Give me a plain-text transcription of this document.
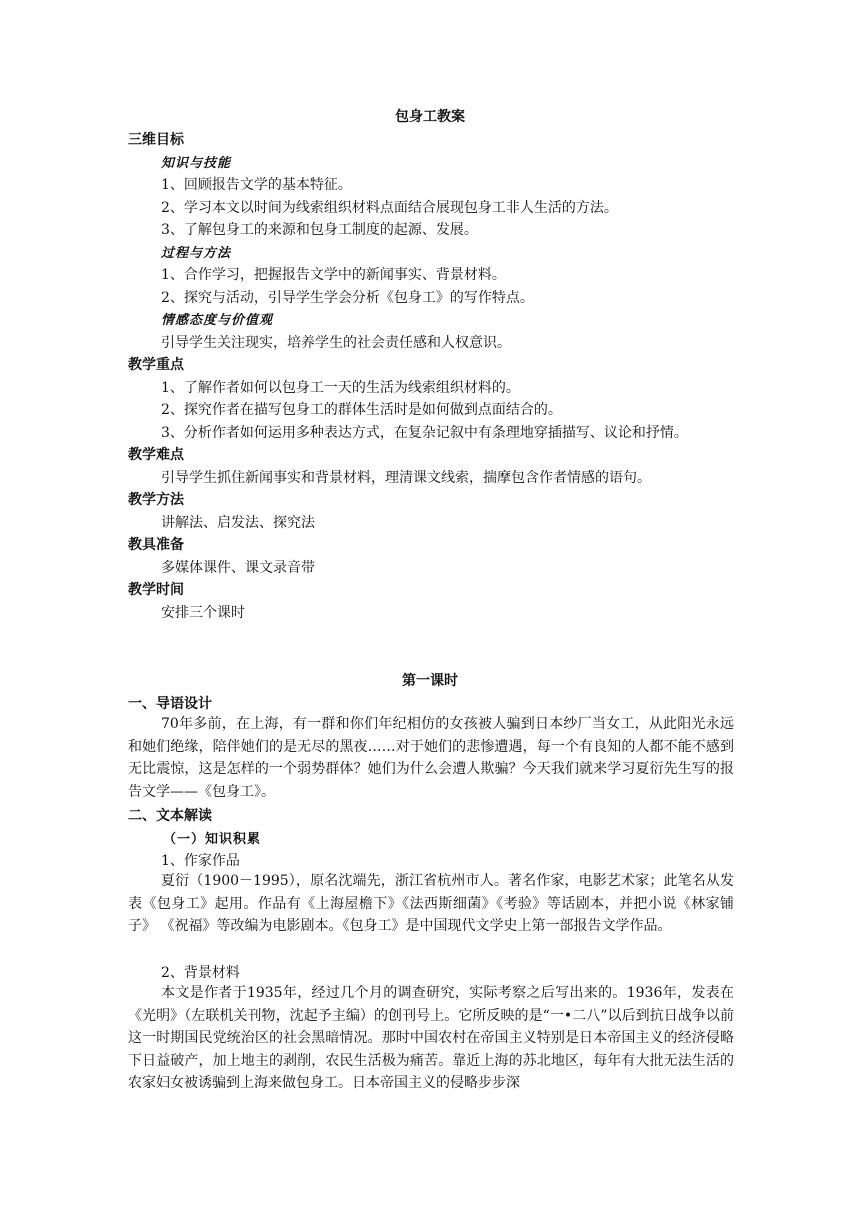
包身工教案
三维目标
知识与技能
1、回顾报告文学的基本特征。
2、学习本文以时间为线索组织材料点面结合展现包身工非人生活的方法。
3、了解包身工的来源和包身工制度的起源、发展。
过程与方法
1、合作学习，把握报告文学中的新闻事实、背景材料。
2、探究与活动，引导学生学会分析《包身工》的写作特点。
情感态度与价值观
引导学生关注现实，培养学生的社会责任感和人权意识。
教学重点
1、了解作者如何以包身工一天的生活为线索组织材料的。
2、探究作者在描写包身工的群体生活时是如何做到点面结合的。
3、分析作者如何运用多种表达方式，在复杂记叙中有条理地穿插描写、议论和抒情。
教学难点
引导学生抓住新闻事实和背景材料，理清课文线索，揣摩包含作者情感的语句。
教学方法
讲解法、启发法、探究法
教具准备
多媒体课件、课文录音带
教学时间
安排三个课时
第一课时
一、导语设计

70年多前，在上海，有一群和你们年纪相仿的女孩被人骗到日本纱厂当女工，从此阳光永远和她们绝缘，陪伴她们的是无尽的黑夜……对于她们的悲惨遭遇，每一个有良知的人都不能不感到无比震惊，这是怎样的一个弱势群体？她们为什么会遭人欺骗？今天我们就来学习夏衍先生写的报告文学——《包身工》。

二、文本解读
（一）知识积累
1、作家作品

夏衍（1900－1995），原名沈端先，浙江省杭州市人。著名作家，电影艺术家；此笔名从发表《包身工》起用。作品有《上海屋檐下》《法西斯细菌》《考验》等话剧本，并把小说《林家铺子》 《祝福》等改编为电影剧本。《包身工》是中国现代文学史上第一部报告文学作品。

2、背景材料

本文是作者于1935年，经过几个月的调查研究，实际考察之后写出来的。1936年，发表在《光明》（左联机关刊物，沈起予主编）的创刊号上。它所反映的是“一•二八”以后到抗日战争以前这一时期国民党统治区的社会黑暗情况。那时中国农村在帝国主义特别是日本帝国主义的经济侵略下日益破产，加上地主的剥削，农民生活极为痛苦。靠近上海的苏北地区，每年有大批无法生活的农家妇女被诱骗到上海来做包身工。日本帝国主义的侵略步步深
